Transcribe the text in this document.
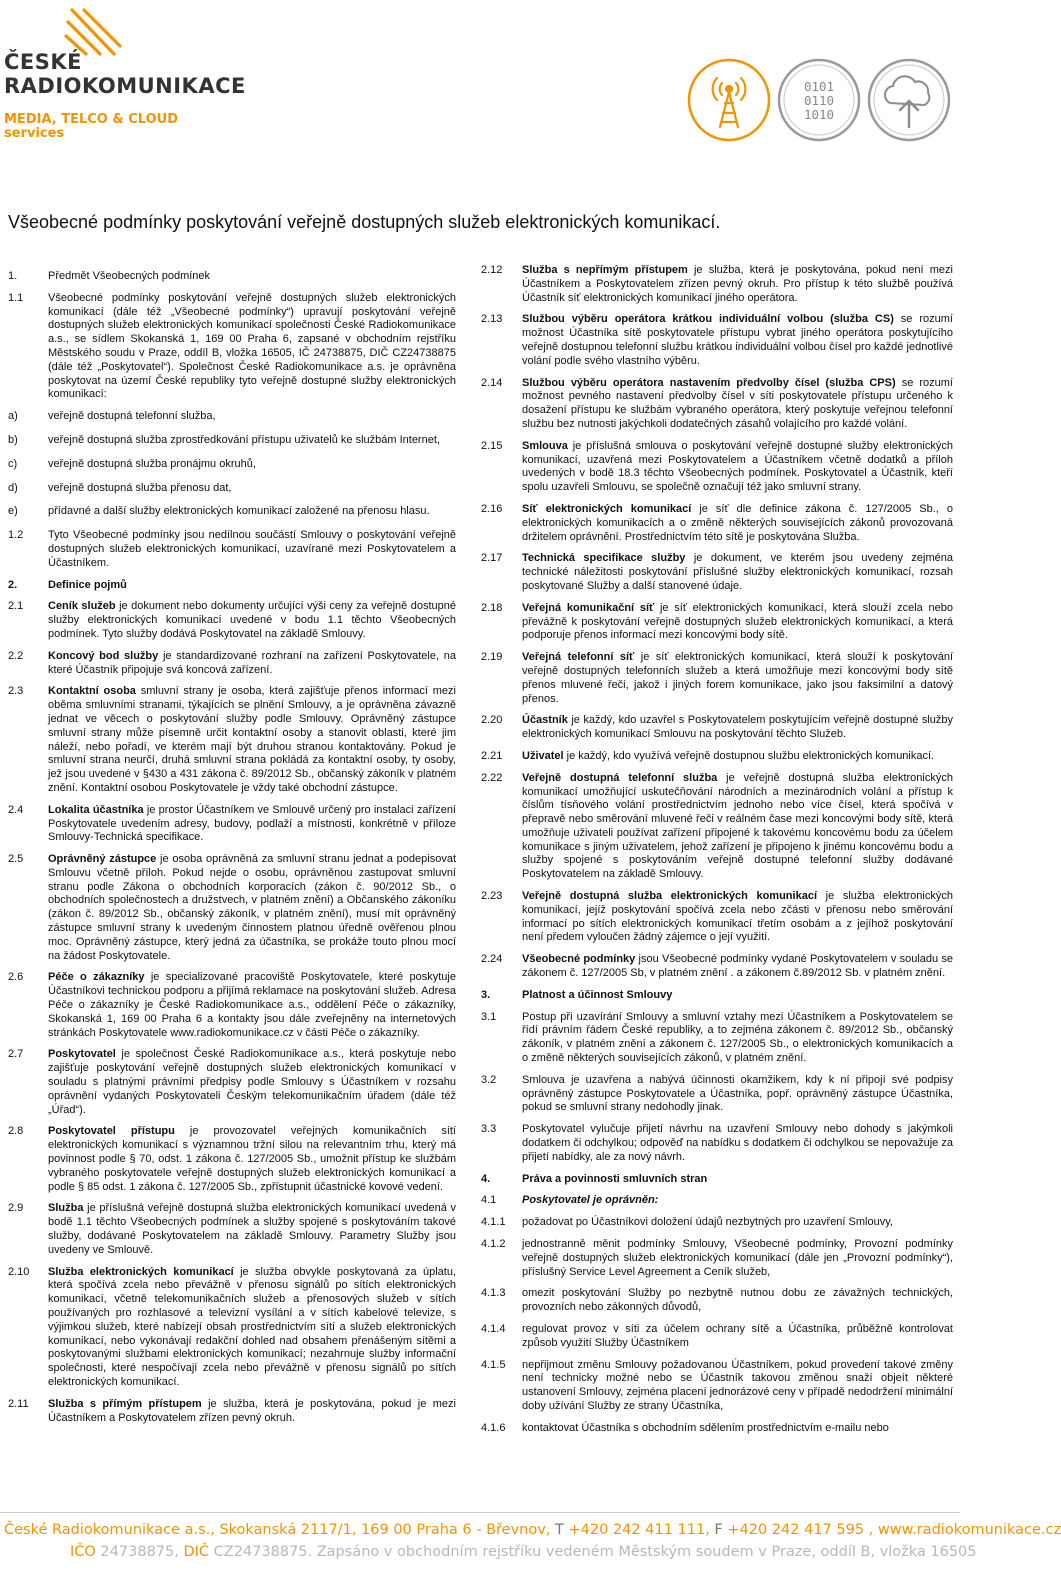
ČESKÉ
RADIOKOMUNIKACE
MEDIA, TELCO & CLOUD services
0101
0110
1010
Všeobecné podmínky poskytování veřejně dostupných služeb elektronických komunikací.
1.	Předmět Všeobecných podmínek
1.1	Všeobecné podmínky poskytování veřejně dostupných služeb elektronických komunikací (dále též „Všeobecné podmínky“) upravují poskytování veřejně dostupných služeb elektronických komunikací společnosti České Radiokomunikace a.s., se sídlem Skokanská 1, 169 00 Praha 6, zapsané v obchodním rejstříku Městského soudu v Praze, oddíl B, vložka 16505, IČ 24738875, DIČ CZ24738875 (dále též „Poskytovatel“). Společnost České Radiokomunikace a.s. je oprávněna poskytovat na území České republiky tyto veřejně dostupné služby elektronických komunikací:
a)	veřejně dostupná telefonní služba,
b)	veřejně dostupná služba zprostředkování přístupu uživatelů ke službám Internet,
c)	veřejně dostupná služba pronájmu okruhů,
d)	veřejně dostupná služba přenosu dat,
e)	přídavné a další služby elektronických komunikací založené na přenosu hlasu.
1.2	Tyto Všeobecné podmínky jsou nedílnou součástí Smlouvy o poskytování veřejně dostupných služeb elektronických komunikací, uzavírané mezi Poskytovatelem a Účastníkem.
2.	Definice pojmů
2.1	Ceník služeb je dokument nebo dokumenty určující výši ceny za veřejně dostupné služby elektronických komunikací uvedené v bodu 1.1 těchto Všeobecných podmínek. Tyto služby dodává Poskytovatel na základě Smlouvy.
2.2	Koncový bod služby je standardizované rozhraní na zařízení Poskytovatele, na které Účastník připojuje svá koncová zařízení.
2.3	Kontaktní osoba smluvní strany je osoba, která zajišťuje přenos informací mezi oběma smluvními stranami, týkajících se plnění Smlouvy, a je oprávněna závazně jednat ve věcech o poskytování služby podle Smlouvy. Oprávněný zástupce smluvní strany může písemně určit kontaktní osoby a stanovit oblasti, které jim náleží, nebo pořadí, ve kterém mají být druhou stranou kontaktovány. Pokud je smluvní strana neurčí, druhá smluvní strana pokládá za kontaktní osoby, ty osoby, jež jsou uvedené v §430 a 431 zákona č. 89/2012 Sb., občanský zákoník v platném znění. Kontaktní osobou Poskytovatele je vždy také obchodní zástupce.
2.4	Lokalita účastníka je prostor Účastníkem ve Smlouvě určený pro instalaci zařízení Poskytovatele uvedením adresy, budovy, podlaží a místnosti, konkrétně v příloze Smlouvy-Technická specifikace.
2.5	Oprávněný zástupce je osoba oprávněná za smluvní stranu jednat a podepisovat Smlouvu včetně příloh. Pokud nejde o osobu, oprávněnou zastupovat smluvní stranu podle Zákona o obchodních korporacích (zákon č. 90/2012 Sb., o obchodních společnostech a družstvech, v platném znění) a Občanského zákoníku (zákon č. 89/2012 Sb., občanský zákoník, v platném znění), musí mít oprávněný zástupce smluvní strany k uvedeným činnostem platnou úředně ověřenou plnou moc. Oprávněný zástupce, který jedná za účastníka, se prokáže touto plnou mocí na žádost Poskytovatele.
2.6	Péče o zákazníky je specializované pracoviště Poskytovatele, které poskytuje Účastníkovi technickou podporu a přijímá reklamace na poskytování služeb. Adresa Péče o zákazníky je České Radiokomunikace a.s., oddělení Péče o zákazníky, Skokanská 1, 169 00 Praha 6 a kontakty jsou dále zveřejněny na internetových stránkách Poskytovatele www.radiokomunikace.cz v části Péče o zákazníky.
2.7	Poskytovatel je společnost České Radiokomunikace a.s., která poskytuje nebo zajišťuje poskytování veřejně dostupných služeb elektronických komunikací v souladu s platnými právními předpisy podle Smlouvy s Účastníkem v rozsahu oprávnění vydaných Poskytovateli Českým telekomunikačním úřadem (dále též „Úřad“).
2.8	Poskytovatel přístupu je provozovatel veřejných komunikačních sítí elektronických komunikací s významnou tržní silou na relevantním trhu, který má povinnost podle § 70, odst. 1 zákona č. 127/2005 Sb., umožnit přístup ke službám vybraného poskytovatele veřejně dostupných služeb elektronických komunikací a podle § 85 odst. 1 zákona č. 127/2005 Sb., zpřístupnit účastnické kovové vedení.
2.9	Služba je příslušná veřejně dostupná služba elektronických komunikací uvedená v bodě 1.1 těchto Všeobecných podmínek a služby spojené s poskytováním takové služby, dodávané Poskytovatelem na základě Smlouvy. Parametry Služby jsou uvedeny ve Smlouvě.
2.10	Služba elektronických komunikací je služba obvykle poskytovaná za úplatu, která spočívá zcela nebo převážně v přenosu signálů po sítích elektronických komunikací, včetně telekomunikačních služeb a přenosových služeb v sítích používaných pro rozhlasové a televizní vysílání a v sítích kabelové televize, s výjimkou služeb, které nabízejí obsah prostřednictvím sítí a služeb elektronických komunikací, nebo vykonávají redakční dohled nad obsahem přenášeným sítěmi a poskytovanými službami elektronických komunikací; nezahrnuje služby informační společnosti, které nespočívají zcela nebo převážně v přenosu signálů po sítích elektronických komunikací.
2.11	Služba s přímým přístupem je služba, která je poskytována, pokud je mezi Účastníkem a Poskytovatelem zřízen pevný okruh.
2.12	Služba s nepřímým přístupem je služba, která je poskytována, pokud není mezi Účastníkem a Poskytovatelem zřízen pevný okruh. Pro přístup k této službě používá Účastník síť elektronických komunikací jiného operátora.
2.13	Službou výběru operátora krátkou individuální volbou (služba CS) se rozumí možnost Účastníka sítě poskytovatele přístupu vybrat jiného operátora poskytujícího veřejně dostupnou telefonní službu krátkou individuální volbou čísel pro každé jednotlivé volání podle svého vlastního výběru.
2.14	Službou výběru operátora nastavením předvolby čísel (služba CPS) se rozumí možnost pevného nastavení předvolby čísel v síti poskytovatele přístupu určeného k dosažení přístupu ke službám vybraného operátora, který poskytuje veřejnou telefonní službu bez nutnosti jakýchkoli dodatečných zásahů volajícího pro každé volání.
2.15	Smlouva je příslušná smlouva o poskytování veřejně dostupné služby elektronických komunikací, uzavřená mezi Poskytovatelem a Účastníkem včetně dodatků a příloh uvedených v bodě 18.3 těchto Všeobecných podmínek. Poskytovatel a Účastník, kteří spolu uzavřeli Smlouvu, se společně označují též jako smluvní strany.
2.16	Síť elektronických komunikací je síť dle definice zákona č. 127/2005 Sb., o elektronických komunikacích a o změně některých souvisejících zákonů provozovaná držitelem oprávnění. Prostřednictvím této sítě je poskytována Služba.
2.17	Technická specifikace služby je dokument, ve kterém jsou uvedeny zejména technické náležitosti poskytování příslušné služby elektronických komunikací, rozsah poskytované Služby a další stanovené údaje.
2.18	Veřejná komunikační síť je síť elektronických komunikací, která slouží zcela nebo převážně k poskytování veřejně dostupných služeb elektronických komunikací, a která podporuje přenos informací mezi koncovými body sítě.
2.19	Veřejná telefonní síť je síť elektronických komunikací, která slouží k poskytování veřejně dostupných telefonních služeb a která umožňuje mezi koncovými body sítě přenos mluvené řeči, jakož i jiných forem komunikace, jako jsou faksimilní a datový přenos.
2.20	Účastník je každý, kdo uzavřel s Poskytovatelem poskytujícím veřejně dostupné služby elektronických komunikací Smlouvu na poskytování těchto Služeb.
2.21	Uživatel je každý, kdo využívá veřejně dostupnou službu elektronických komunikací.
2.22	Veřejně dostupná telefonní služba je veřejně dostupná služba elektronických komunikací umožňující uskutečňování národních a mezinárodních volání a přístup k číslům tísňového volání prostřednictvím jednoho nebo více čísel, která spočívá v přepravě nebo směrování mluvené řeči v reálném čase mezi koncovými body sítě, která umožňuje uživateli používat zařízení připojené k takovému koncovému bodu za účelem komunikace s jiným uživatelem, jehož zařízení je připojeno k jinému koncovému bodu a služby spojené s poskytováním veřejně dostupné telefonní služby dodávané Poskytovatelem na základě Smlouvy.
2.23	Veřejně dostupná služba elektronických komunikací je služba elektronických komunikací, jejíž poskytování spočívá zcela nebo zčásti v přenosu nebo směrování informací po sítích elektronických komunikací třetím osobám a z jejíhož poskytování není předem vyloučen žádný zájemce o její využití.
2.24	Všeobecné podmínky jsou Všeobecné podmínky vydané Poskytovatelem v souladu se zákonem č. 127/2005 Sb, v platném znění . a zákonem č.89/2012 Sb. v platném znění.
3.	Platnost a účinnost Smlouvy
3.1	Postup při uzavírání Smlouvy a smluvní vztahy mezi Účastníkem a Poskytovatelem se řídí právním řádem České republiky, a to zejména zákonem č. 89/2012 Sb., občanský zákoník, v platném znění a zákonem č. 127/2005 Sb., o elektronických komunikacích a o změně některých souvisejících zákonů, v platném znění.
3.2	Smlouva je uzavřena a nabývá účinnosti okamžikem, kdy k ní připojí své podpisy oprávněný zástupce Poskytovatele a Účastníka, popř. oprávněný zástupce Účastníka, pokud se smluvní strany nedohodly jinak.
3.3	Poskytovatel vylučuje přijetí návrhu na uzavření Smlouvy nebo dohody s jakýmkoli dodatkem či odchylkou; odpověď na nabídku s dodatkem či odchylkou se nepovažuje za přijetí nabídky, ale za nový návrh.
4.	Práva a povinnosti smluvních stran
4.1	Poskytovatel je oprávněn:
4.1.1	požadovat po Účastníkovi doložení údajů nezbytných pro uzavření Smlouvy,
4.1.2	jednostranně měnit podmínky Smlouvy, Všeobecné podmínky, Provozní podmínky veřejně dostupných služeb elektronických komunikací (dále jen „Provozní podmínky“), příslušný Service Level Agreement a Ceník služeb,
4.1.3	omezit poskytování Služby po nezbytně nutnou dobu ze závažných technických, provozních nebo zákonných důvodů,
4.1.4	regulovat provoz v síti za účelem ochrany sítě a Účastníka, průběžně kontrolovat způsob využití Služby Účastníkem
4.1.5	nepřijmout změnu Smlouvy požadovanou Účastníkem, pokud provedení takové změny není technicky možné nebo se Účastník takovou změnou snaží objeít některé ustanovení Smlouvy, zejména placení jednorázové ceny v případě nedodržení minimální doby užívání Služby ze strany Účastníka,
4.1.6	kontaktovat Účastníka s obchodním sdělením prostřednictvím e-mailu nebo
České Radiokomunikace a.s., Skokanská 2117/1, 169 00 Praha 6 - Břevnov, T +420 242 411 111, F +420 242 417 595 , www.radiokomunikace.cz
IČO 24738875, DIČ CZ24738875. Zapsáno v obchodním rejstříku vedeném Městským soudem v Praze, oddíl B, vložka 16505
